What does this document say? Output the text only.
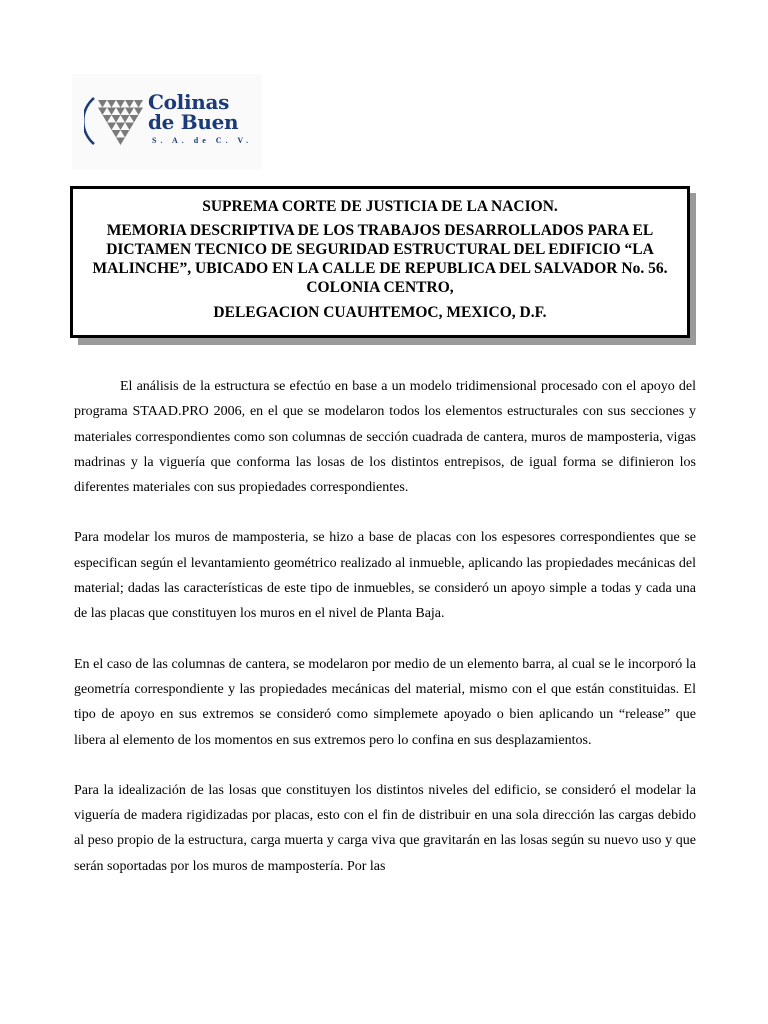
Colinas
de Buen
S. A. de C. V.
SUPREMA CORTE DE JUSTICIA DE LA NACION.
MEMORIA DESCRIPTIVA DE LOS TRABAJOS DESARROLLADOS PARA EL DICTAMEN TECNICO DE SEGURIDAD ESTRUCTURAL DEL EDIFICIO “LA MALINCHE”, UBICADO EN LA CALLE DE REPUBLICA DEL SALVADOR No. 56. COLONIA CENTRO,
DELEGACION CUAUHTEMOC, MEXICO, D.F.

El análisis de la estructura se efectúo en base a un modelo tridimensional procesado con el apoyo del programa STAAD.PRO 2006, en el que se modelaron todos los elementos estructurales con sus secciones y materiales correspondientes como son columnas de sección cuadrada de cantera, muros de mamposteria, vigas madrinas y la viguería que conforma las losas de los distintos entrepisos, de igual forma se difinieron los diferentes materiales con sus propiedades correspondientes.

Para modelar los muros de mamposteria, se hizo a base de placas con los espesores correspondientes que se especifican según el levantamiento geométrico realizado al inmueble, aplicando las propiedades mecánicas del material; dadas las características de este tipo de inmuebles, se consideró un apoyo simple a todas y cada una de las placas que constituyen los muros en el nivel de Planta Baja.

En el caso de las columnas de cantera, se modelaron por medio de un elemento barra, al cual se le incorporó la geometría correspondiente y las propiedades mecánicas del material, mismo con el que están constituidas. El tipo de apoyo en sus extremos se consideró como simplemete apoyado o bien aplicando un “release” que libera al elemento de los momentos en sus extremos pero lo confina en sus desplazamientos.

Para la idealización de las losas que constituyen los distintos niveles del edificio, se consideró el modelar la viguería de madera rigidizadas por placas, esto con el fin de distribuir en una sola dirección las cargas debido al peso propio de la estructura, carga muerta y carga viva que gravitarán en las losas según su nuevo uso y que serán soportadas por los muros de mampostería. Por las
